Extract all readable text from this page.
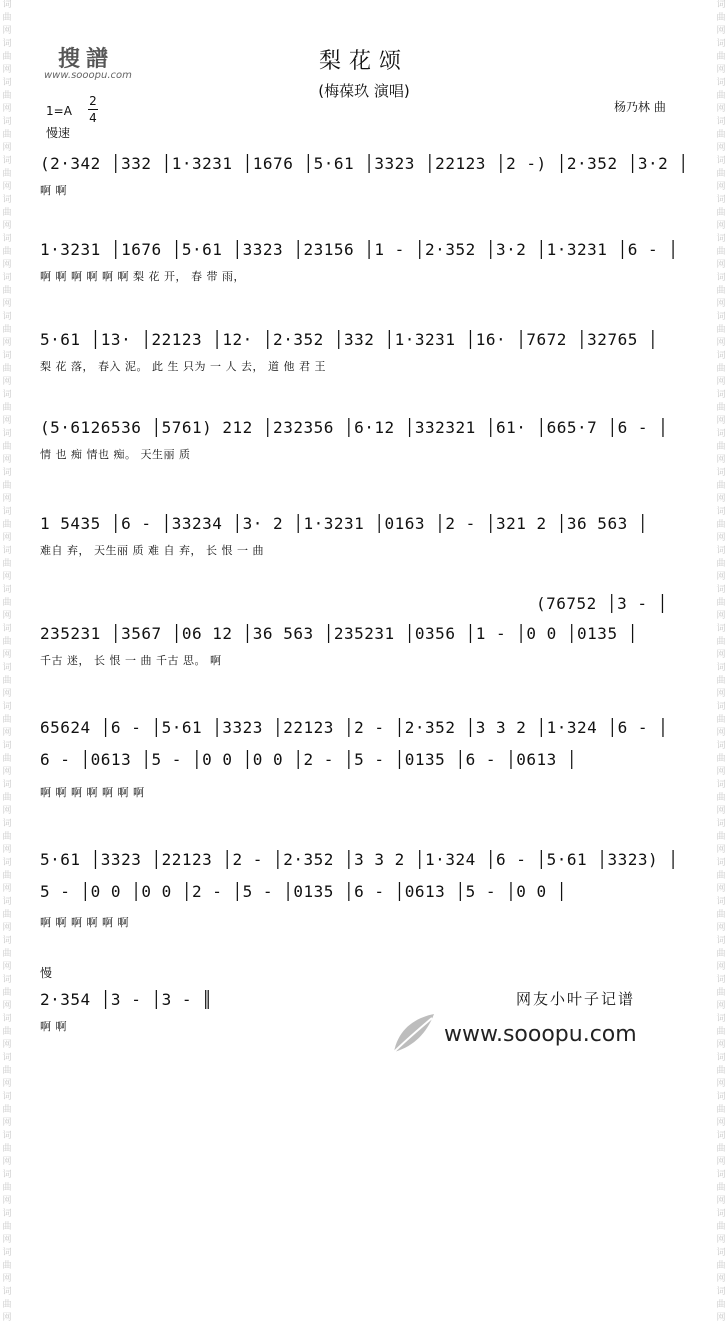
词
曲
网
词
曲
网
词
曲
网
词
曲
网
词
曲
网
词
曲
网
词
曲
网
词
曲
网
词
曲
网
词
曲
网
词
曲
网
词
曲
网
词
曲
网
词
曲
网
词
曲
网
词
曲
网
词
曲
网
词
曲
网
词
曲
网
词
曲
网
词
曲
网
词
曲
网
词
曲
网
词
曲
网
词
曲
网
词
曲
网
词
曲
网
词
曲
网
词
曲
网
词
曲
网
词
曲
网
词
曲
网
词
曲
网
词
曲
网
词
曲
网
词
曲
网
词
曲
网
词
曲
网
词
曲
网
词
曲
网
词
曲
网
词
曲
网
词
曲
网
词
曲
网
词
曲
网
词
曲
网
词
曲
网
词
曲
网
词
曲
网
词
曲
网
词
曲
网
词
曲
网
词
曲
网
词
曲
网
词
曲
网
词
曲
网
词
曲
网
词
曲
网
词
曲
网
词
曲
网
词
曲
网
词
曲
网
词
曲
网
词
曲
网
词
曲
网
词
曲
网
词
曲
网
词
曲
网
搜譜
www.sooopu.com
梨花颂
(梅葆玖 演唱)
杨乃林 曲
1=A
2
4
慢速
(2·342 │332 │1·3231 │1676 │5·61 │3323 │22123 │2 -) │2·352 │3·2 │
啊 啊
1·3231 │1676 │5·61 │3323 │23156 │1 - │2·352 │3·2 │1·3231 │6 - │
啊 啊 啊 啊 啊 啊 梨 花 开， 春 带 雨，
5·61 │13· │22123 │12· │2·352 │332 │1·3231 │16· │7672 │32765 │
梨 花 落， 春入 泥。 此 生 只为 一 人 去， 道 他 君 王
(5·6126536 │5761) 212 │232356 │6·12 │332321 │61· │665·7 │6 - │
情 也 痴 情也 痴。 天生丽 质
1 5435 │6 - │33234 │3· 2 │1·3231 │0163 │2 - │321 2 │36 563 │
难自 弃， 天生丽 质 难 自 弃， 长 恨 一 曲
(76752 │3 - │
235231 │3567 │06 12 │36 563 │235231 │0356 │1 - │0 0 │0135 │
千古 迷， 长 恨 一 曲 千古 思。 啊
65624 │6 - │5·61 │3323 │22123 │2 - │2·352 │3 3 2 │1·324 │6 - │
6 - │0613 │5 - │0 0 │0 0 │2 - │5 - │0135 │6 - │0613 │
啊 啊 啊 啊 啊 啊 啊
5·61 │3323 │22123 │2 - │2·352 │3 3 2 │1·324 │6 - │5·61 │3323) │
5 - │0 0 │0 0 │2 - │5 - │0135 │6 - │0613 │5 - │0 0 │
啊 啊 啊 啊 啊 啊
慢
2·354 │3 - │3 - ║
啊 啊
网友小叶子记谱
www.sooopu.com
